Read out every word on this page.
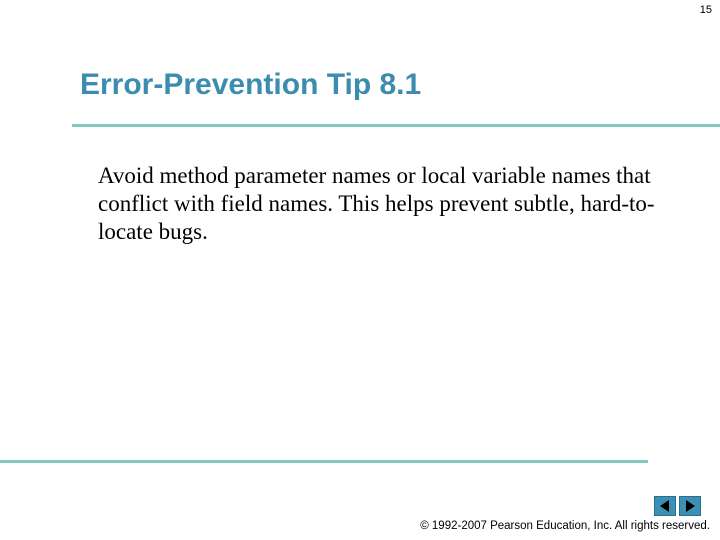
15
Error-Prevention Tip 8.1
Avoid method parameter names or local variable names that conflict with field names. This helps prevent subtle, hard-to-locate bugs.
© 1992-2007 Pearson Education, Inc. All rights reserved.
